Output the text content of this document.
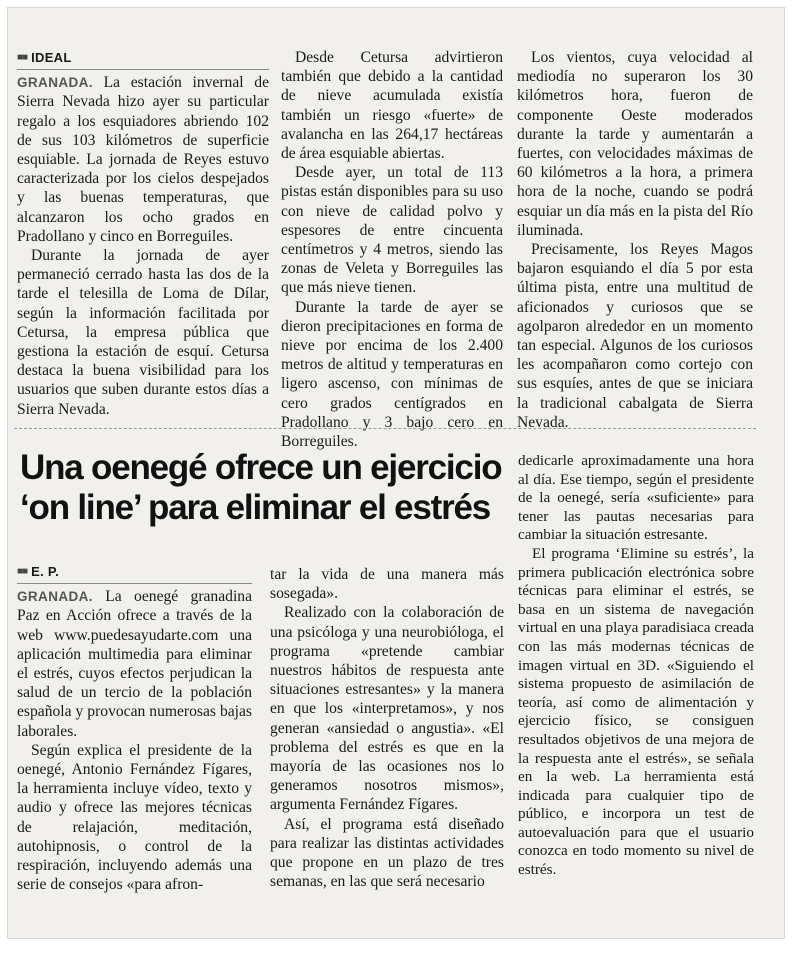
■■ IDEAL

GRANADA. La estación invernal de Sierra Nevada hizo ayer su particular regalo a los esquiadores abriendo 102 de sus 103 kilómetros de superficie esquiable. La jornada de Reyes estuvo caracterizada por los cielos despejados y las buenas temperaturas, que alcanzaron los ocho grados en Pradollano y cinco en Borreguiles.

Durante la jornada de ayer permaneció cerrado hasta las dos de la tarde el telesilla de Loma de Dílar, según la información facilitada por Cetursa, la empresa pública que gestiona la estación de esquí. Cetursa destaca la buena visibilidad para los usuarios que suben durante estos días a Sierra Nevada.

Desde Cetursa advirtieron también que debido a la cantidad de nieve acumulada existía también un riesgo «fuerte» de avalancha en las 264,17 hectáreas de área esquiable abiertas.

Desde ayer, un total de 113 pistas están disponibles para su uso con nieve de calidad polvo y espesores de entre cincuenta centímetros y 4 metros, siendo las zonas de Veleta y Borreguiles las que más nieve tienen.

Durante la tarde de ayer se dieron precipitaciones en forma de nieve por encima de los 2.400 metros de altitud y temperaturas en ligero ascenso, con mínimas de cero grados centígrados en Pradollano y 3 bajo cero en Borreguiles.

Los vientos, cuya velocidad al mediodía no superaron los 30 kilómetros hora, fueron de componente Oeste moderados durante la tarde y aumentarán a fuertes, con velocidades máximas de 60 kilómetros a la hora, a primera hora de la noche, cuando se podrá esquiar un día más en la pista del Río iluminada.

Precisamente, los Reyes Magos bajaron esquiando el día 5 por esta última pista, entre una multitud de aficionados y curiosos que se agolparon alrededor en un momento tan especial. Algunos de los curiosos les acompañaron como cortejo con sus esquíes, antes de que se iniciara la tradicional cabalgata de Sierra Nevada.

Una oenegé ofrece un ejercicio
‘on line’ para eliminar el estrés
■■ E. P.

GRANADA. La oenegé granadina Paz en Acción ofrece a través de la web www.puedesayudarte.com una aplicación multimedia para eliminar el estrés, cuyos efectos perjudican la salud de un tercio de la población española y provocan numerosas bajas laborales.

Según explica el presidente de la oenegé, Antonio Fernández Fígares, la herramienta incluye vídeo, texto y audio y ofrece las mejores técnicas de relajación, meditación, autohipnosis, o control de la respiración, incluyendo además una serie de consejos «para afron-

tar la vida de una manera más sosegada».

Realizado con la colaboración de una psicóloga y una neurobióloga, el programa «pretende cambiar nuestros hábitos de respuesta ante situaciones estresantes» y la manera en que los «interpretamos», y nos generan «ansiedad o angustia». «El problema del estrés es que en la mayoría de las ocasiones nos lo generamos nosotros mismos», argumenta Fernández Fígares.

Así, el programa está diseñado para realizar las distintas actividades que propone en un plazo de tres semanas, en las que será necesario

dedicarle aproximadamente una hora al día. Ese tiempo, según el presidente de la oenegé, sería «suficiente» para tener las pautas necesarias para cambiar la situación estresante.

El programa ‘Elimine su estrés’, la primera publicación electrónica sobre técnicas para eliminar el estrés, se basa en un sistema de navegación virtual en una playa paradisiaca creada con las más modernas técnicas de imagen virtual en 3D. «Siguiendo el sistema propuesto de asimilación de teoría, así como de alimentación y ejercicio físico, se consiguen resultados objetivos de una mejora de la respuesta ante el estrés», se señala en la web. La herramienta está indicada para cualquier tipo de público, e incorpora un test de autoevaluación para que el usuario conozca en todo momento su nivel de estrés.
